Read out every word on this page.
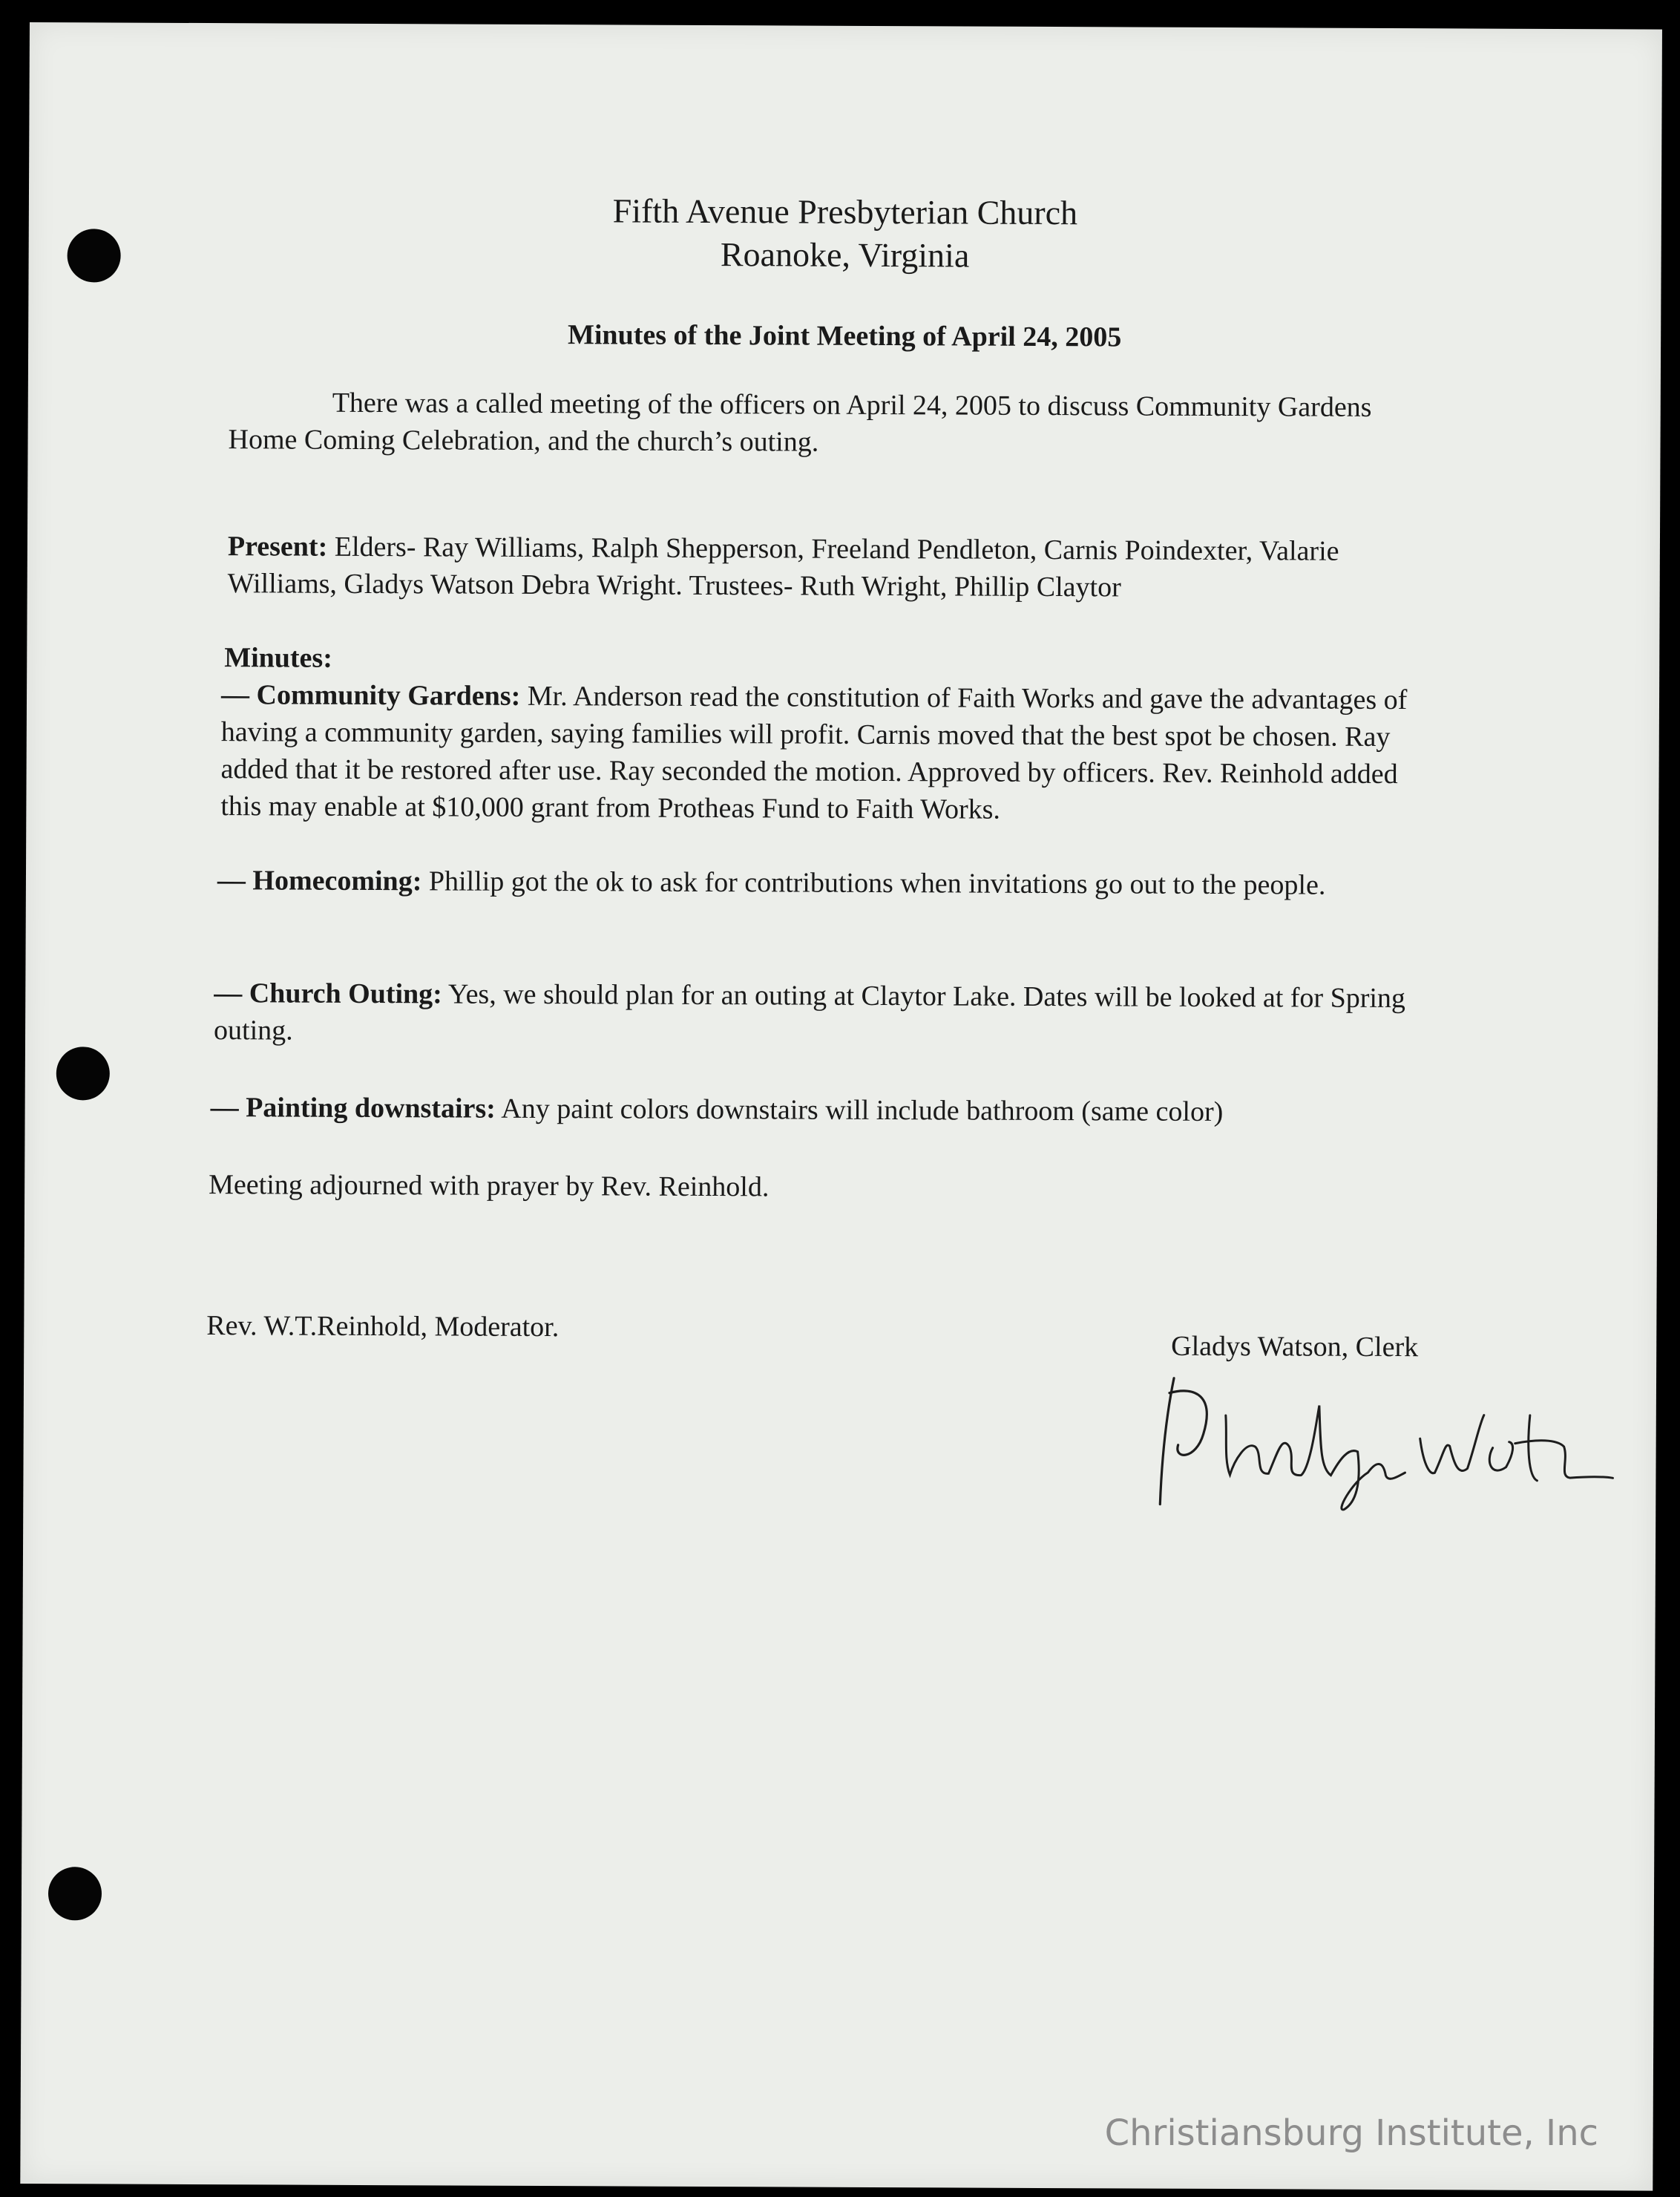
Fifth Avenue Presbyterian Church
Roanoke, Virginia
Minutes of the Joint Meeting of April 24, 2005
There was a called meeting of the officers on April 24, 2005 to discuss Community Gardens Home Coming Celebration, and the church’s outing.
Present: Elders- Ray Williams, Ralph Shepperson, Freeland Pendleton, Carnis Poindexter, Valarie Williams, Gladys Watson Debra Wright. Trustees- Ruth Wright, Phillip Claytor
Minutes:
— Community Gardens: Mr. Anderson read the constitution of Faith Works and gave the advantages of having a community garden, saying families will profit. Carnis moved that the best spot be chosen. Ray added that it be restored after use. Ray seconded the motion. Approved by officers. Rev. Reinhold added this may enable at $10,000 grant from Protheas Fund to Faith Works.
— Homecoming: Phillip got the ok to ask for contributions when invitations go out to the people.
— Church Outing: Yes, we should plan for an outing at Claytor Lake. Dates will be looked at for Spring outing.
— Painting downstairs: Any paint colors downstairs will include bathroom (same color)
Meeting adjourned with prayer by Rev. Reinhold.
Rev. W.T.Reinhold, Moderator.
Gladys Watson, Clerk
Christiansburg Institute, Inc
